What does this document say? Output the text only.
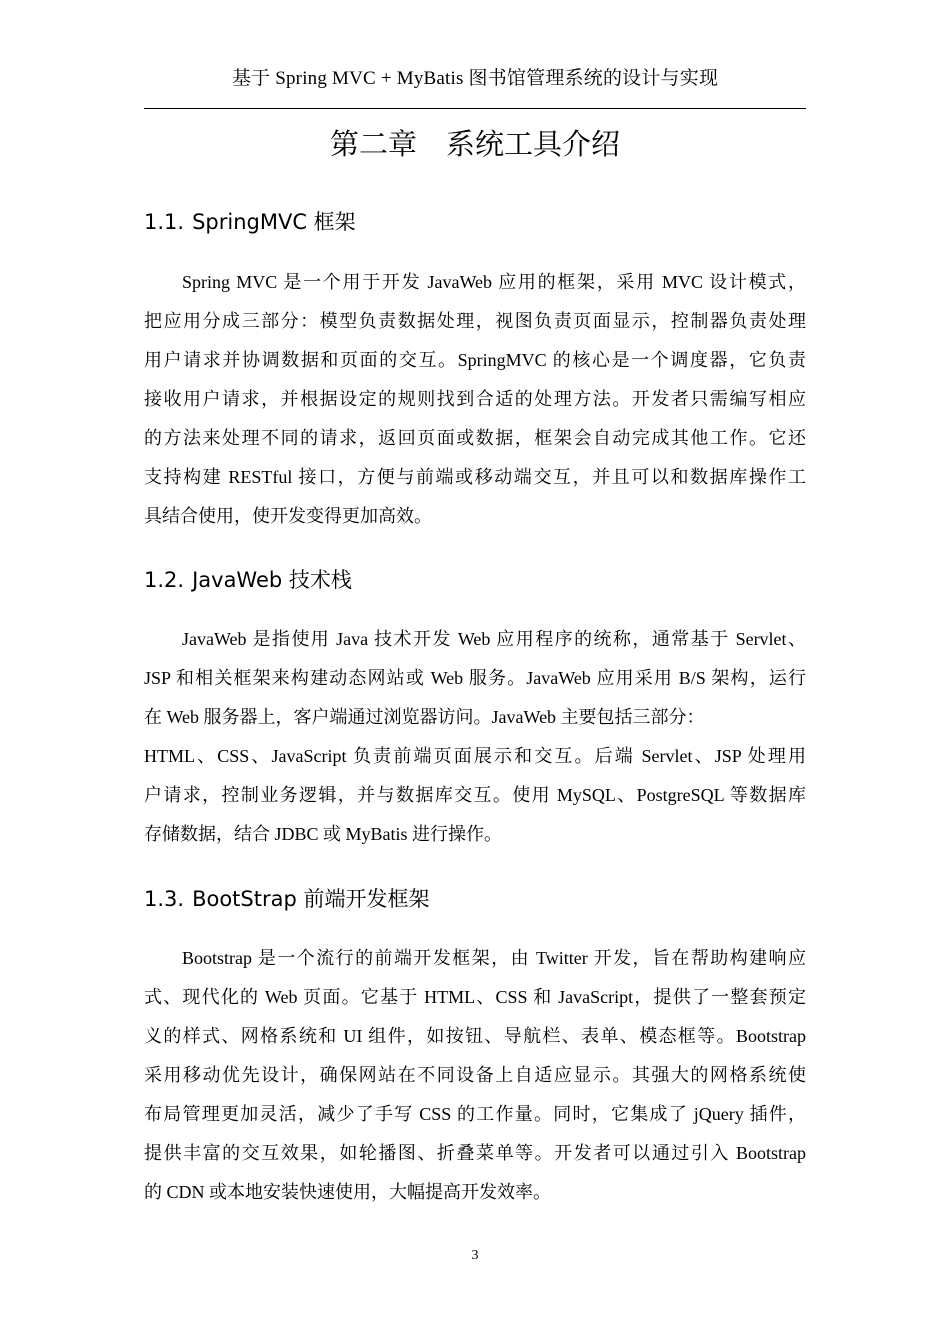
基于 Spring MVC + MyBatis 图书馆管理系统的设计与实现
第二章　系统工具介绍
1.1. SpringMVC 框架
Spring MVC 是一个用于开发 JavaWeb 应用的框架，采用 MVC 设计模式，
把应用分成三部分：模型负责数据处理，视图负责页面显示，控制器负责处理
用户请求并协调数据和页面的交互。SpringMVC 的核心是一个调度器，它负责
接收用户请求，并根据设定的规则找到合适的处理方法。开发者只需编写相应
的方法来处理不同的请求，返回页面或数据，框架会自动完成其他工作。它还
支持构建 RESTful 接口，方便与前端或移动端交互，并且可以和数据库操作工
具结合使用，使开发变得更加高效。
1.2. JavaWeb 技术栈
JavaWeb 是指使用 Java 技术开发 Web 应用程序的统称，通常基于 Servlet、
JSP 和相关框架来构建动态网站或 Web 服务。JavaWeb 应用采用 B/S 架构，运行
在 Web 服务器上，客户端通过浏览器访问。JavaWeb 主要包括三部分：
HTML、CSS、JavaScript 负责前端页面展示和交互。后端 Servlet、JSP 处理用
户请求，控制业务逻辑，并与数据库交互。使用 MySQL、PostgreSQL 等数据库
存储数据，结合 JDBC 或 MyBatis 进行操作。
1.3. BootStrap 前端开发框架
Bootstrap 是一个流行的前端开发框架，由 Twitter 开发，旨在帮助构建响应
式、现代化的 Web 页面。它基于 HTML、CSS 和 JavaScript，提供了一整套预定
义的样式、网格系统和 UI 组件，如按钮、导航栏、表单、模态框等。Bootstrap
采用移动优先设计，确保网站在不同设备上自适应显示。其强大的网格系统使
布局管理更加灵活，减少了手写 CSS 的工作量。同时，它集成了 jQuery 插件，
提供丰富的交互效果，如轮播图、折叠菜单等。开发者可以通过引入 Bootstrap
的 CDN 或本地安装快速使用，大幅提高开发效率。
3
